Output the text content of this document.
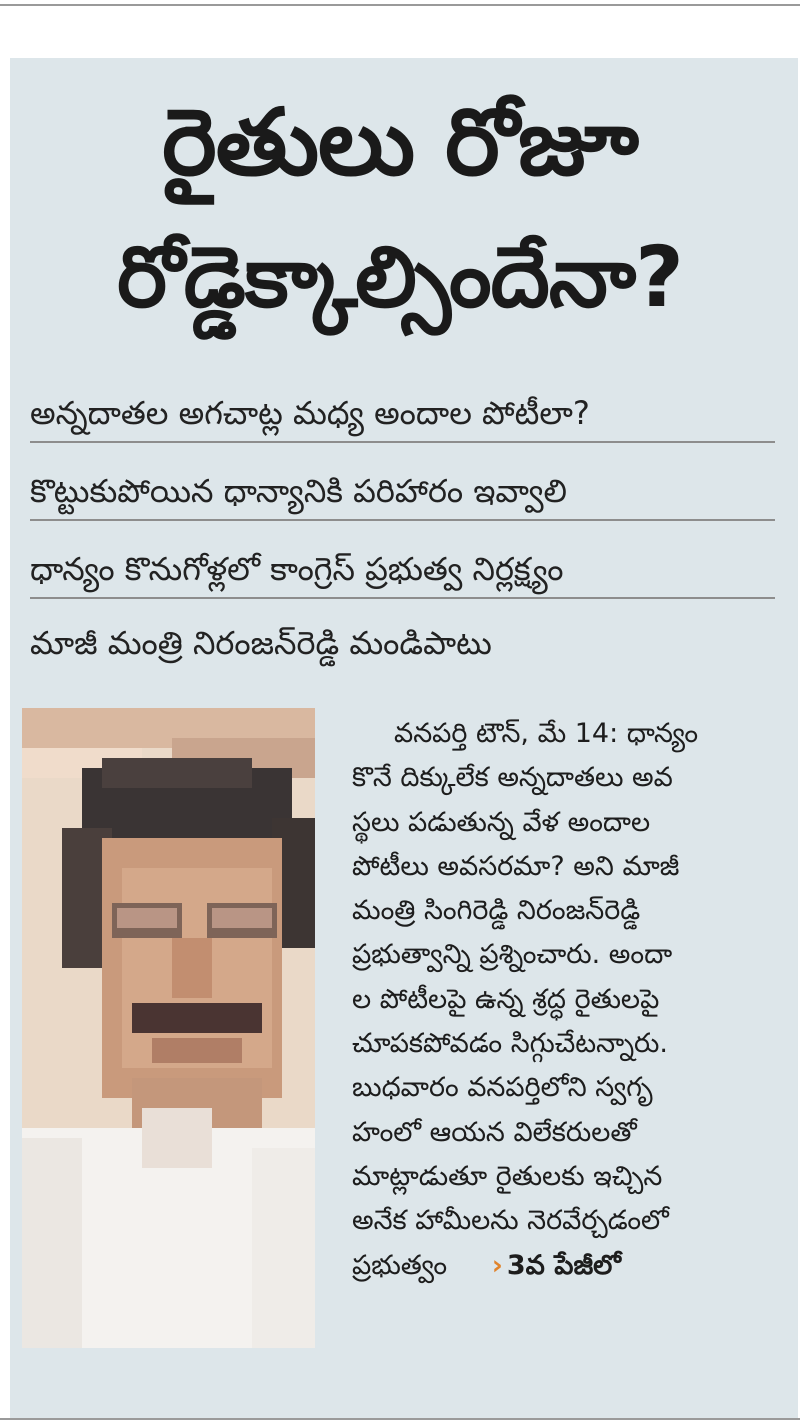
రైతులు రోజూ
రోడ్డెక్కాల్సిందేనా?
అన్నదాతల అగచాట్ల మధ్య అందాల పోటీలా?
కొట్టుకుపోయిన ధాన్యానికి పరిహారం ఇవ్వాలి
ధాన్యం కొనుగోళ్లలో కాంగ్రెస్ ప్రభుత్వ నిర్లక్ష్యం
మాజీ మంత్రి నిరంజన్‌రెడ్డి మండిపాటు
వనపర్తి టౌన్, మే 14: ధాన్యం
కొనే దిక్కులేక అన్నదాతలు అవ
స్థలు పడుతున్న వేళ అందాల
పోటీలు అవసరమా? అని మాజీ
మంత్రి సింగిరెడ్డి నిరంజన్‌రెడ్డి
ప్రభుత్వాన్ని ప్రశ్నించారు. అందా
ల పోటీలపై ఉన్న శ్రద్ధ రైతులపై
చూపకపోవడం సిగ్గుచేటన్నారు.
బుధవారం వనపర్తిలోని స్వగృ
హంలో ఆయన విలేకరులతో
మాట్లాడుతూ రైతులకు ఇచ్చిన
అనేక హామీలను నెరవేర్చడంలో
ప్రభుత్వం › 3వ పేజీలో
